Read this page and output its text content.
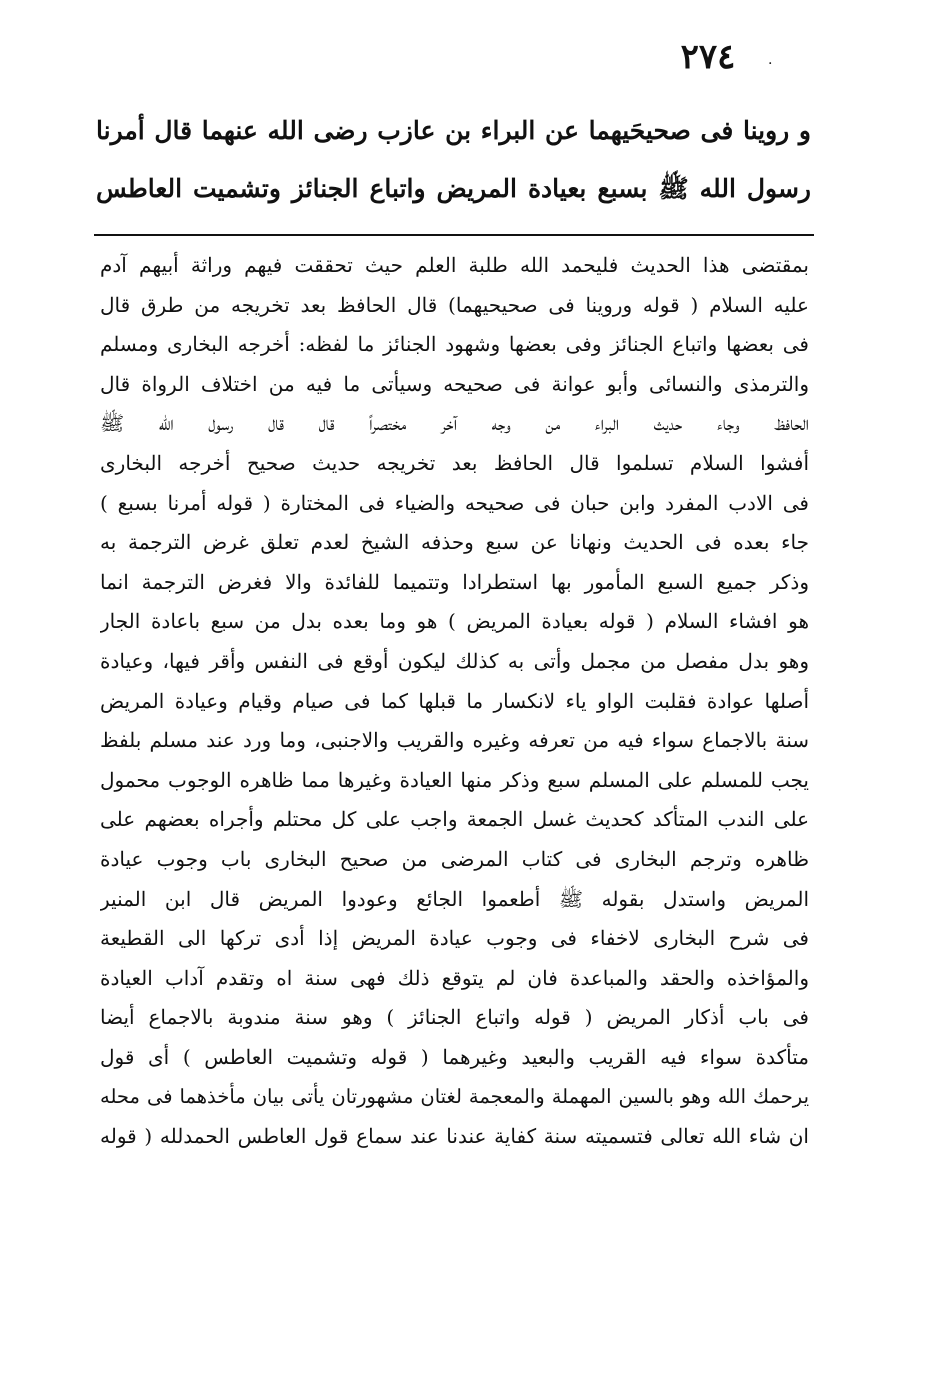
٢٧٤	.
و روينا فى صحيحَيهما عن البراء بن عازب رضى الله عنهما قال أمرنا
رسول الله ﷺ بسبع بعيادة المريض واتباع الجنائز وتشميت العاطس
بمقتضى هذا الحديث فليحمد الله طلبة العلم حيث تحققت فيهم وراثة أبيهم آدم
عليه السلام ( قوله وروينا فى صحيحيهما) قال الحافظ بعد تخريجه من طرق قال
فى بعضها واتباع الجنائز وفى بعضها وشهود الجنائز ما لفظه: أخرجه البخارى ومسلم
والترمذى والنسائى وأبو عوانة فى صحيحه وسيأتى ما فيه من اختلاف الرواة قال
الحافظ وجاء حديث البراء من وجه آخر مختصراً قال قال رسول الله ﷺ
أفشوا السلام تسلموا قال الحافظ بعد تخريجه حديث صحيح أخرجه البخارى
فى الادب المفرد وابن حبان فى صحيحه والضياء فى المختارة ( قوله أمرنا بسبع )
جاء بعده فى الحديث ونهانا عن سبع وحذفه الشيخ لعدم تعلق غرض الترجمة به
وذكر جميع السبع المأمور بها استطرادا وتتميما للفائدة والا فغرض الترجمة انما
هو افشاء السلام ( قوله بعيادة المريض ) هو وما بعده بدل من سبع باعادة الجار
وهو بدل مفصل من مجمل وأتى به كذلك ليكون أوقع فى النفس وأقر فيها، وعيادة
أصلها عوادة فقلبت الواو ياء لانكسار ما قبلها كما فى صيام وقيام وعيادة المريض
سنة بالاجماع سواء فيه من تعرفه وغيره والقريب والاجنبى، وما ورد عند مسلم بلفظ
يجب للمسلم على المسلم سبع وذكر منها العيادة وغيرها مما ظاهره الوجوب محمول
على الندب المتأكد كحديث غسل الجمعة واجب على كل محتلم وأجراه بعضهم على
ظاهره وترجم البخارى فى كتاب المرضى من صحيح البخارى باب وجوب عيادة
المريض واستدل بقوله ﷺ أطعموا الجائع وعودوا المريض قال ابن المنير
فى شرح البخارى لاخفاء فى وجوب عيادة المريض إذا أدى تركها الى القطيعة
والمؤاخذه والحقد والمباعدة فان لم يتوقع ذلك فهى سنة اه وتقدم آداب العيادة
فى باب أذكار المريض ( قوله واتباع الجنائز ) وهو سنة مندوبة بالاجماع أيضا
متأكدة سواء فيه القريب والبعيد وغيرهما ( قوله وتشميت العاطس ) أى قول
يرحمك الله وهو بالسين المهملة والمعجمة لغتان مشهورتان يأتى بيان مأخذهما فى محله
ان شاء الله تعالى فتسميته سنة كفاية عندنا عند سماع قول العاطس الحمدلله ( قوله
